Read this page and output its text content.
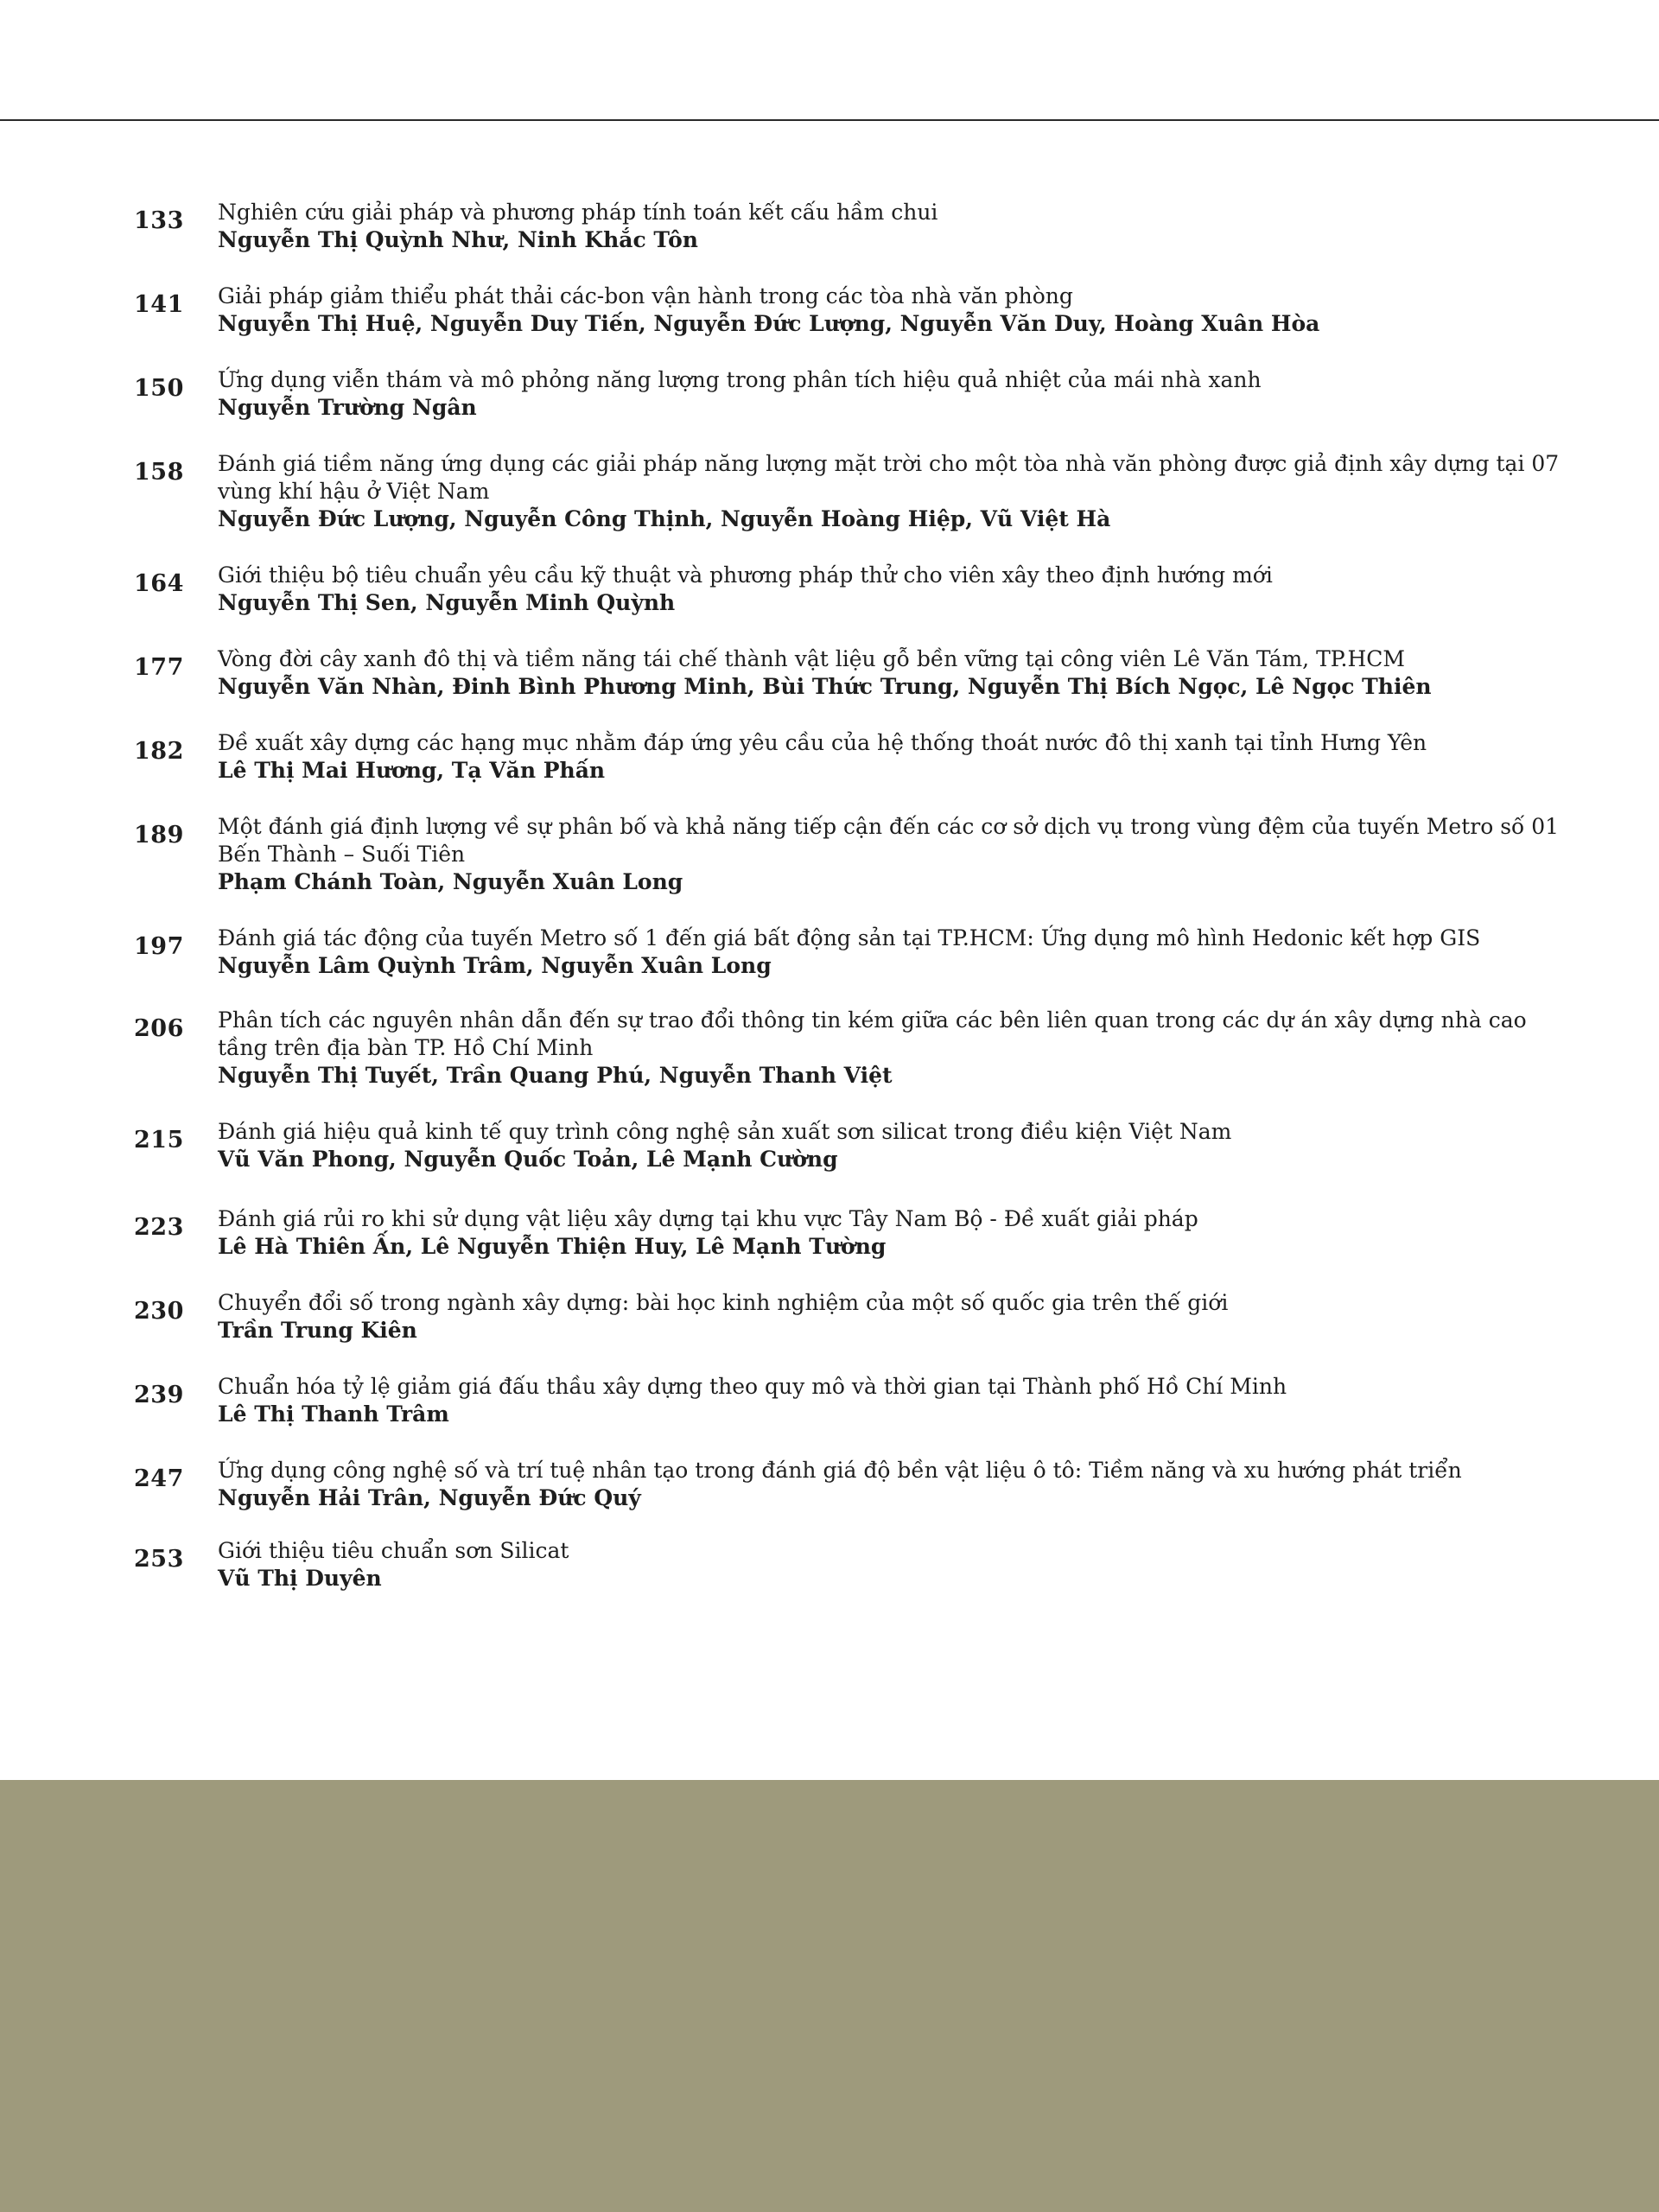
133 Nghiên cứu giải pháp và phương pháp tính toán kết cấu hầm chui
Nguyễn Thị Quỳnh Như, Ninh Khắc Tôn
141 Giải pháp giảm thiểu phát thải các-bon vận hành trong các tòa nhà văn phòng
Nguyễn Thị Huệ, Nguyễn Duy Tiến, Nguyễn Đức Lượng, Nguyễn Văn Duy, Hoàng Xuân Hòa
150 Ứng dụng viễn thám và mô phỏng năng lượng trong phân tích hiệu quả nhiệt của mái nhà xanh
Nguyễn Trường Ngân
158 Đánh giá tiềm năng ứng dụng các giải pháp năng lượng mặt trời cho một tòa nhà văn phòng được giả định xây dựng tại 07 vùng khí hậu ở Việt Nam
Nguyễn Đức Lượng, Nguyễn Công Thịnh, Nguyễn Hoàng Hiệp, Vũ Việt Hà
164 Giới thiệu bộ tiêu chuẩn yêu cầu kỹ thuật và phương pháp thử cho viên xây theo định hướng mới
Nguyễn Thị Sen, Nguyễn Minh Quỳnh
177 Vòng đời cây xanh đô thị và tiềm năng tái chế thành vật liệu gỗ bền vững tại công viên Lê Văn Tám, TP.HCM
Nguyễn Văn Nhàn, Đinh Bình Phương Minh, Bùi Thức Trung, Nguyễn Thị Bích Ngọc, Lê Ngọc Thiên
182 Đề xuất xây dựng các hạng mục nhằm đáp ứng yêu cầu của hệ thống thoát nước đô thị xanh tại tỉnh Hưng Yên
Lê Thị Mai Hương, Tạ Văn Phấn
189 Một đánh giá định lượng về sự phân bố và khả năng tiếp cận đến các cơ sở dịch vụ trong vùng đệm của tuyến Metro số 01 Bến Thành – Suối Tiên
Phạm Chánh Toàn, Nguyễn Xuân Long
197 Đánh giá tác động của tuyến Metro số 1 đến giá bất động sản tại TP.HCM: Ứng dụng mô hình Hedonic kết hợp GIS
Nguyễn Lâm Quỳnh Trâm, Nguyễn Xuân Long
206 Phân tích các nguyên nhân dẫn đến sự trao đổi thông tin kém giữa các bên liên quan trong các dự án xây dựng nhà cao tầng trên địa bàn TP. Hồ Chí Minh
Nguyễn Thị Tuyết, Trần Quang Phú, Nguyễn Thanh Việt
215 Đánh giá hiệu quả kinh tế quy trình công nghệ sản xuất sơn silicat trong điều kiện Việt Nam
Vũ Văn Phong, Nguyễn Quốc Toản, Lê Mạnh Cường
223 Đánh giá rủi ro khi sử dụng vật liệu xây dựng tại khu vực Tây Nam Bộ - Đề xuất giải pháp
Lê Hà Thiên Ấn, Lê Nguyễn Thiện Huy, Lê Mạnh Tường
230 Chuyển đổi số trong ngành xây dựng: bài học kinh nghiệm của một số quốc gia trên thế giới
Trần Trung Kiên
239 Chuẩn hóa tỷ lệ giảm giá đấu thầu xây dựng theo quy mô và thời gian tại Thành phố Hồ Chí Minh
Lê Thị Thanh Trâm
247 Ứng dụng công nghệ số và trí tuệ nhân tạo trong đánh giá độ bền vật liệu ô tô: Tiềm năng và xu hướng phát triển
Nguyễn Hải Trân, Nguyễn Đức Quý
253 Giới thiệu tiêu chuẩn sơn Silicat
Vũ Thị Duyên
